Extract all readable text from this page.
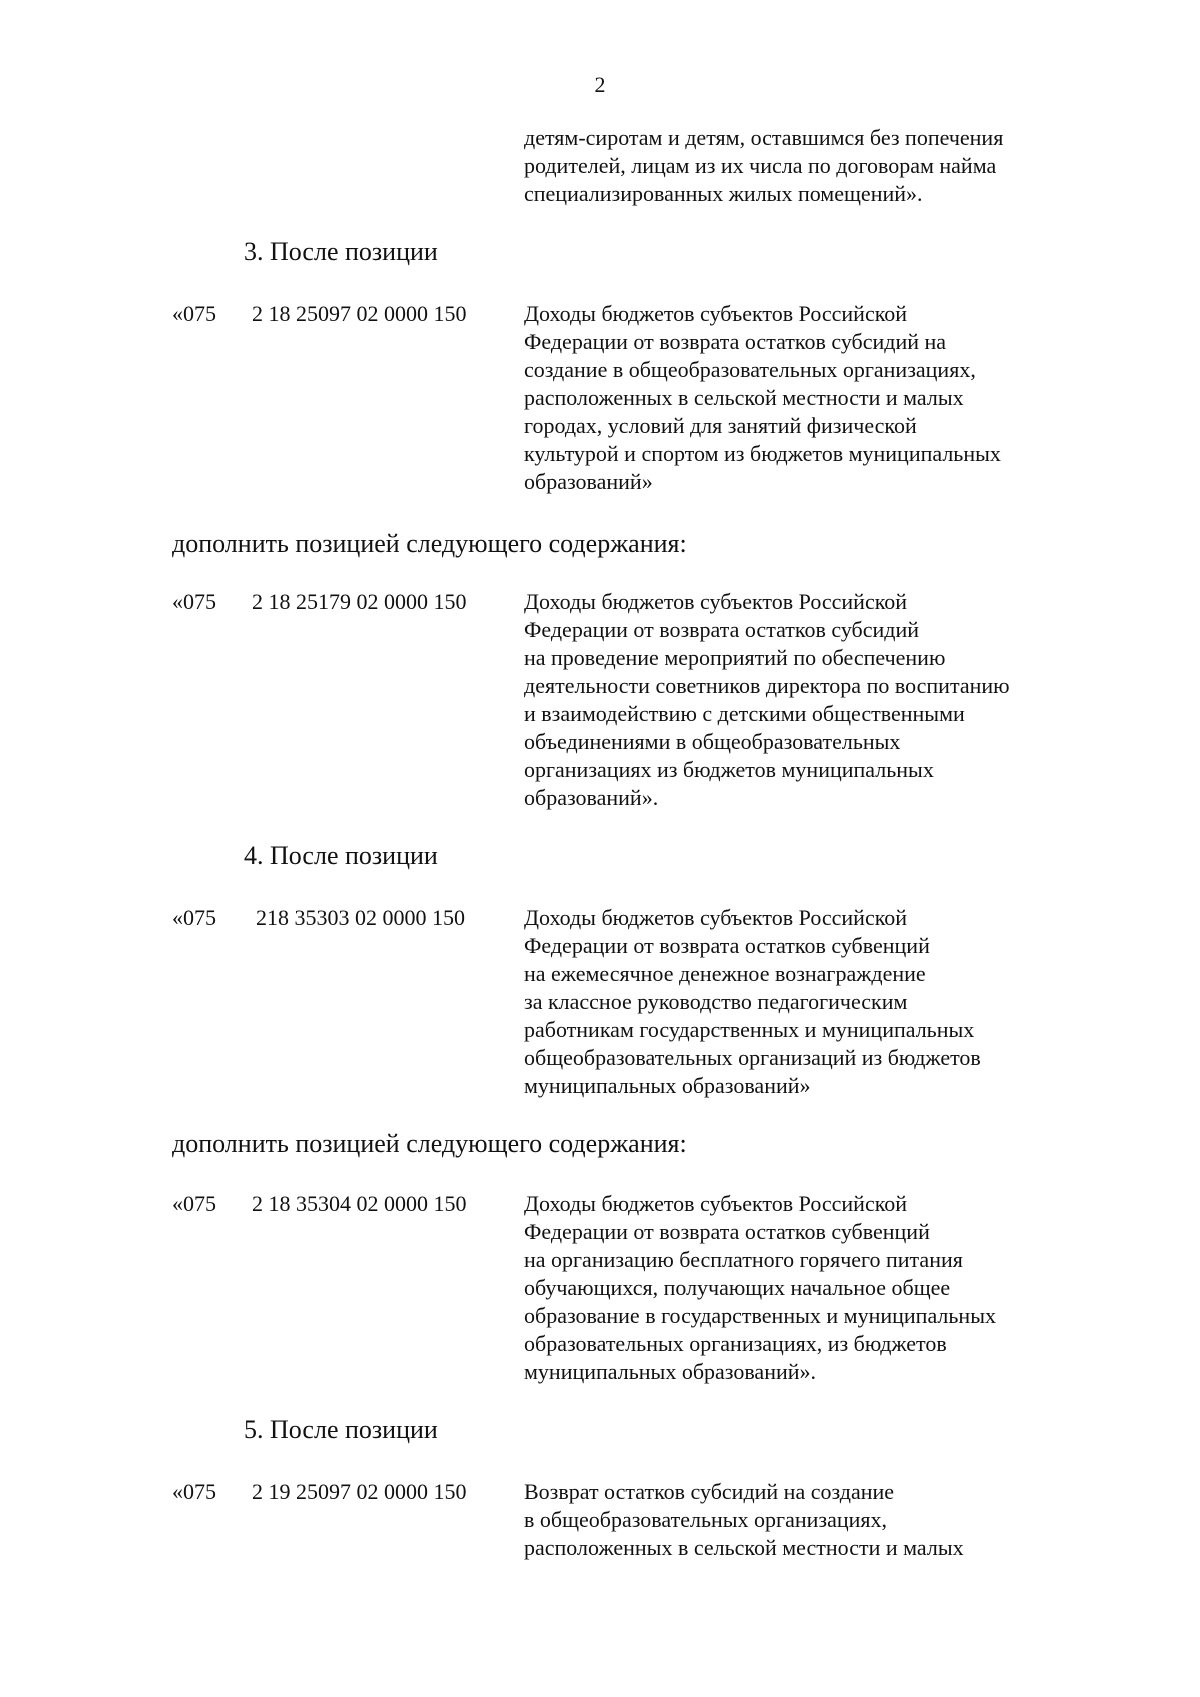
2
детям-сиротам и детям, оставшимся без попечения
родителей, лицам из их числа по договорам найма
специализированных жилых помещений».
3. После позиции
«075 2 18 25097 02 0000 150	Доходы бюджетов субъектов Российской
Федерации от возврата остатков субсидий на
создание в общеобразовательных организациях,
расположенных в сельской местности и малых
городах, условий для занятий физической
культурой и спортом из бюджетов муниципальных
образований»
дополнить позицией следующего содержания:
«075 2 18 25179 02 0000 150	Доходы бюджетов субъектов Российской
Федерации от возврата остатков субсидий
на проведение мероприятий по обеспечению
деятельности советников директора по воспитанию
и взаимодействию с детскими общественными
объединениями в общеобразовательных
организациях из бюджетов муниципальных
образований».
4. После позиции
«075 218 35303 02 0000 150	Доходы бюджетов субъектов Российской
Федерации от возврата остатков субвенций
на ежемесячное денежное вознаграждение
за классное руководство педагогическим
работникам государственных и муниципальных
общеобразовательных организаций из бюджетов
муниципальных образований»
дополнить позицией следующего содержания:
«075 2 18 35304 02 0000 150	Доходы бюджетов субъектов Российской
Федерации от возврата остатков субвенций
на организацию бесплатного горячего питания
обучающихся, получающих начальное общее
образование в государственных и муниципальных
образовательных организациях, из бюджетов
муниципальных образований».
5. После позиции
«075 2 19 25097 02 0000 150	Возврат остатков субсидий на создание
в общеобразовательных организациях,
расположенных в сельской местности и малых
